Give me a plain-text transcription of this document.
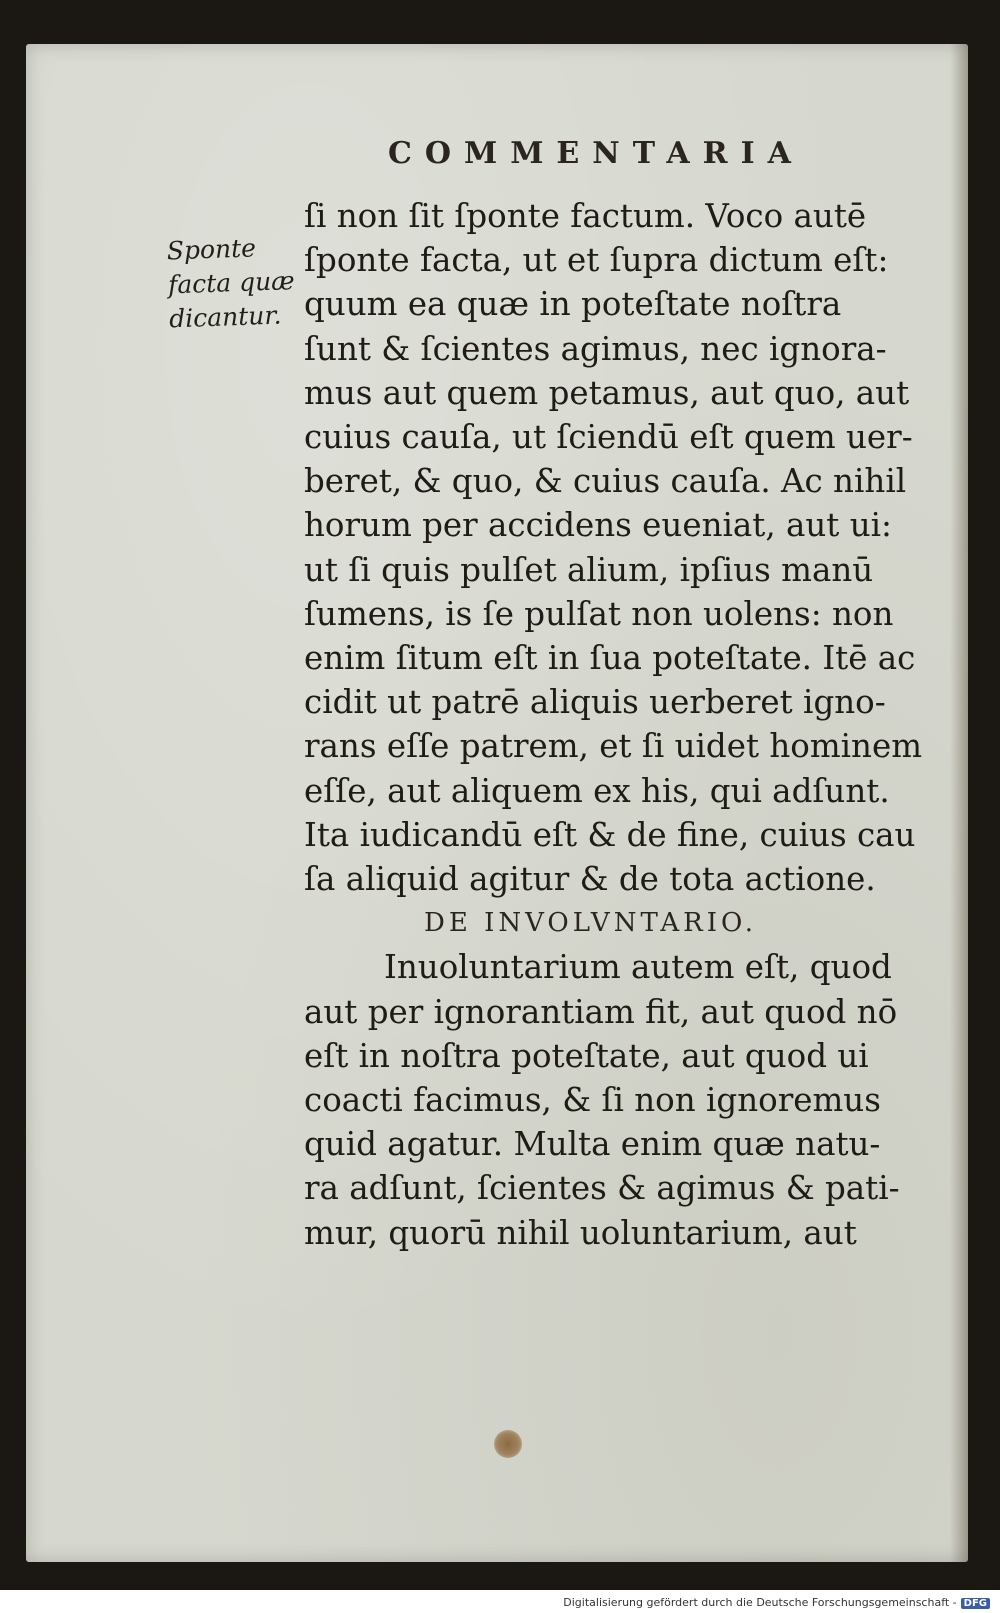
COMMENTARIA
Sponte
facta quæ
dicantur.
ſi non ſit ſponte factum. Voco autē
ſponte facta, ut et ſupra dictum eſt:
quum ea quæ in poteſtate noſtra
ſunt & ſcientes agimus, nec ignora-
mus aut quem petamus, aut quo, aut
cuius cauſa, ut ſciendū eſt quem uer-
beret, & quo, & cuius cauſa. Ac nihil
horum per accidens eueniat, aut ui:
ut ſi quis pulſet alium, ipſius manū
ſumens, is ſe pulſat non uolens: non
enim ſitum eſt in ſua poteſtate. Itē ac
cidit ut patrē aliquis uerberet igno-
rans eſſe patrem, et ſi uidet hominem
eſſe, aut aliquem ex his, qui adſunt.
Ita iudicandū eſt & de fine, cuius cau
ſa aliquid agitur & de tota actione.
DE INVOLVNTARIO.
Inuoluntarium autem eſt, quod
aut per ignorantiam fit, aut quod nō
eſt in noſtra poteſtate, aut quod ui
coacti facimus, & ſi non ignoremus
quid agatur. Multa enim quæ natu-
ra adſunt, ſcientes & agimus & pati-
mur, quorū nihil uoluntarium, aut
Digitalisierung gefördert durch die Deutsche Forschungsgemeinschaft - DFG
